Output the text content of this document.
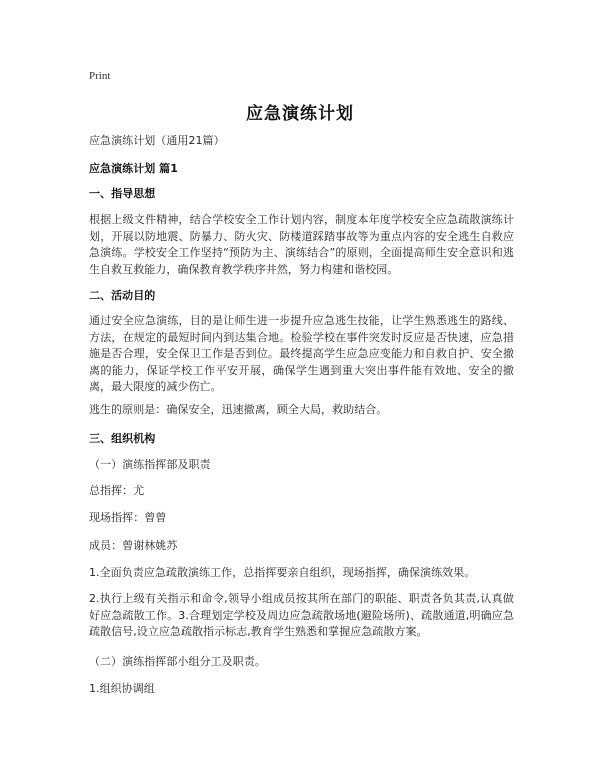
Print
应急演练计划
应急演练计划（通用21篇）
应急演练计划 篇1
一、指导思想
根据上级文件精神，结合学校安全工作计划内容，制度本年度学校安全应急疏散演练计划，开展以防地震、防暴力、防火灾、防楼道踩踏事故等为重点内容的安全逃生自救应急演练。学校安全工作坚持“预防为主、演练结合”的原则，全面提高师生安全意识和逃生自救互救能力，确保教育教学秩序井然，努力构建和谐校园。
二、活动目的
通过安全应急演练，目的是让师生进一步提升应急逃生技能，让学生熟悉逃生的路线、方法，在规定的最短时间内到达集合地。检验学校在事件突发时反应是否快速，应急措施是否合理，安全保卫工作是否到位。最终提高学生应急应变能力和自救自护、安全撤离的能力，保证学校工作平安开展，确保学生遇到重大突出事件能有效地、安全的撤离，最大限度的减少伤亡。
逃生的原则是：确保安全，迅速撤离，顾全大局，救助结合。
三、组织机构
（一）演练指挥部及职责
总指挥：尤
现场指挥：曾曾
成员：曾谢林姚苏
1.全面负责应急疏散演练工作，总指挥要亲自组织，现场指挥，确保演练效果。
2.执行上级有关指示和命令,领导小组成员按其所在部门的职能、职责各负其责,认真做好应急疏散工作。3.合理划定学校及周边应急疏散场地(避险场所)、疏散通道,明确应急疏散信号,设立应急疏散指示标志,教育学生熟悉和掌握应急疏散方案。
（二）演练指挥部小组分工及职责。
1.组织协调组
